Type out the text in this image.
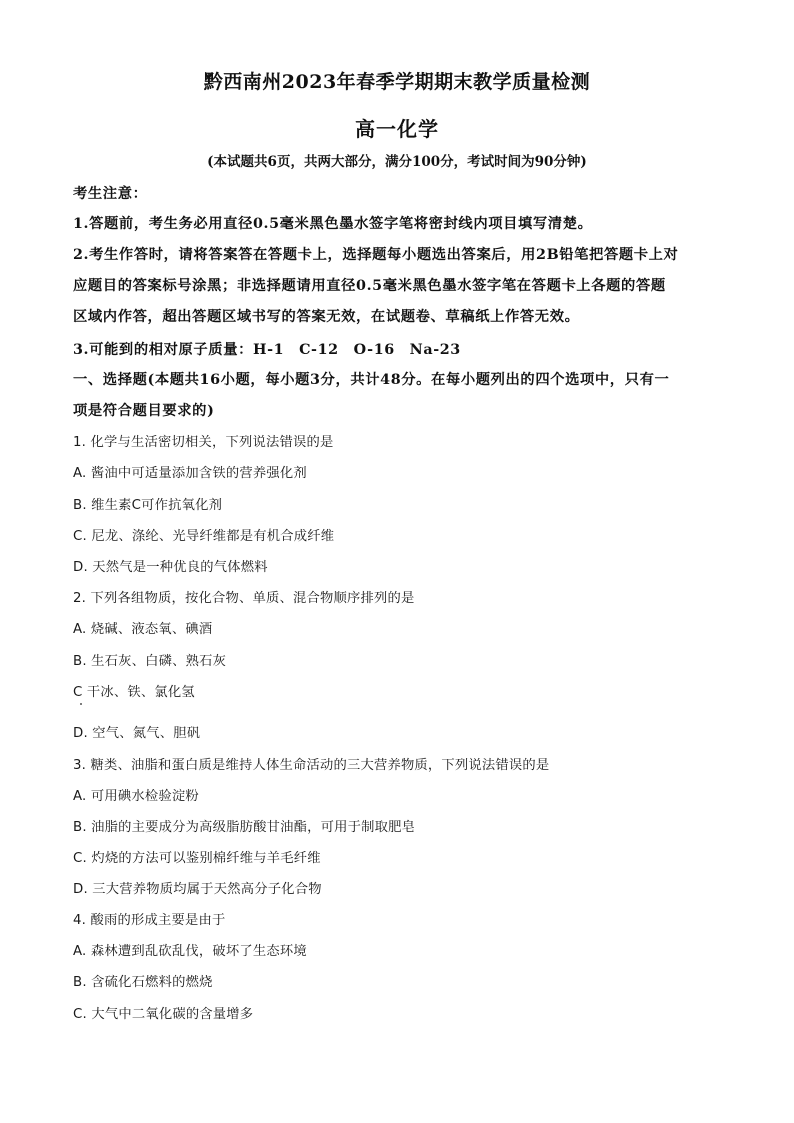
黔西南州2023年春季学期期末教学质量检测
高一化学

(本试题共6页，共两大部分，满分100分，考试时间为90分钟)

考生注意：

1.答题前，考生务必用直径0.5毫米黑色墨水签字笔将密封线内项目填写清楚。

2.考生作答时，请将答案答在答题卡上，选择题每小题选出答案后，用2B铅笔把答题卡上对

应题目的答案标号涂黑；非选择题请用直径0.5毫米黑色墨水签字笔在答题卡上各题的答题

区域内作答，超出答题区域书写的答案无效，在试题卷、草稿纸上作答无效。

3.可能到的相对原子质量：H-1　C-12　O-16　Na-23

一、选择题(本题共16小题，每小题3分，共计48分。在每小题列出的四个选项中，只有一

项是符合题目要求的)

1. 化学与生活密切相关，下列说法错误的是

A. 酱油中可适量添加含铁的营养强化剂

B. 维生素C可作抗氧化剂

C. 尼龙、涤纶、光导纤维都是有机合成纤维

D. 天然气是一种优良的气体燃料

2. 下列各组物质，按化合物、单质、混合物顺序排列的是

A. 烧碱、液态氧、碘酒

B. 生石灰、白磷、熟石灰

C 干冰、铁、氯化氢

D. 空气、氮气、胆矾

3. 糖类、油脂和蛋白质是维持人体生命活动的三大营养物质，下列说法错误的是

A. 可用碘水检验淀粉

B. 油脂的主要成分为高级脂肪酸甘油酯，可用于制取肥皂

C. 灼烧的方法可以鉴别棉纤维与羊毛纤维

D. 三大营养物质均属于天然高分子化合物

4. 酸雨的形成主要是由于

A. 森林遭到乱砍乱伐，破坏了生态环境

B. 含硫化石燃料的燃烧

C. 大气中二氧化碳的含量增多
